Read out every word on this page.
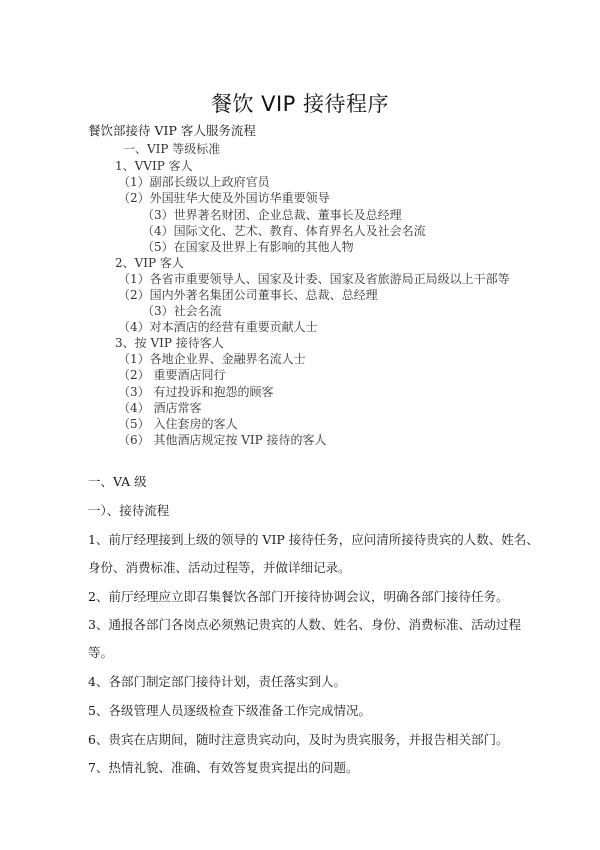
餐饮 VIP 接待程序
餐饮部接待 VIP 客人服务流程
一、VIP 等级标准
1、VVIP 客人
（1）副部长级以上政府官员
（2）外国驻华大使及外国访华重要领导
（3）世界著名财团、企业总裁、董事长及总经理
（4）国际文化、艺术、教育、体育界名人及社会名流
（5）在国家及世界上有影响的其他人物
2、VIP 客人
（1）各省市重要领导人、国家及计委、国家及省旅游局正局级以上干部等
（2）国内外著名集团公司董事长、总裁、总经理
（3）社会名流
（4）对本酒店的经营有重要贡献人士
3、按 VIP 接待客人
（1）各地企业界、金融界名流人士
（2） 重要酒店同行
（3） 有过投诉和抱怨的顾客
（4） 酒店常客
（5） 入住套房的客人
（6） 其他酒店规定按 VIP 接待的客人
一、VA 级
一）、接待流程
1、前厅经理接到上级的领导的 VIP 接待任务，应问清所接待贵宾的人数、姓名、
身份、消费标准、活动过程等，并做详细记录。
2、前厅经理应立即召集餐饮各部门开接待协调会议，明确各部门接待任务。
3、通报各部门各岗点必须熟记贵宾的人数、姓名、身份、消费标准、活动过程
等。
4、各部门制定部门接待计划，责任落实到人。
5、各级管理人员逐级检查下级准备工作完成情况。
6、贵宾在店期间，随时注意贵宾动向，及时为贵宾服务，并报告相关部门。
7、热情礼貌、准确、有效答复贵宾提出的问题。
